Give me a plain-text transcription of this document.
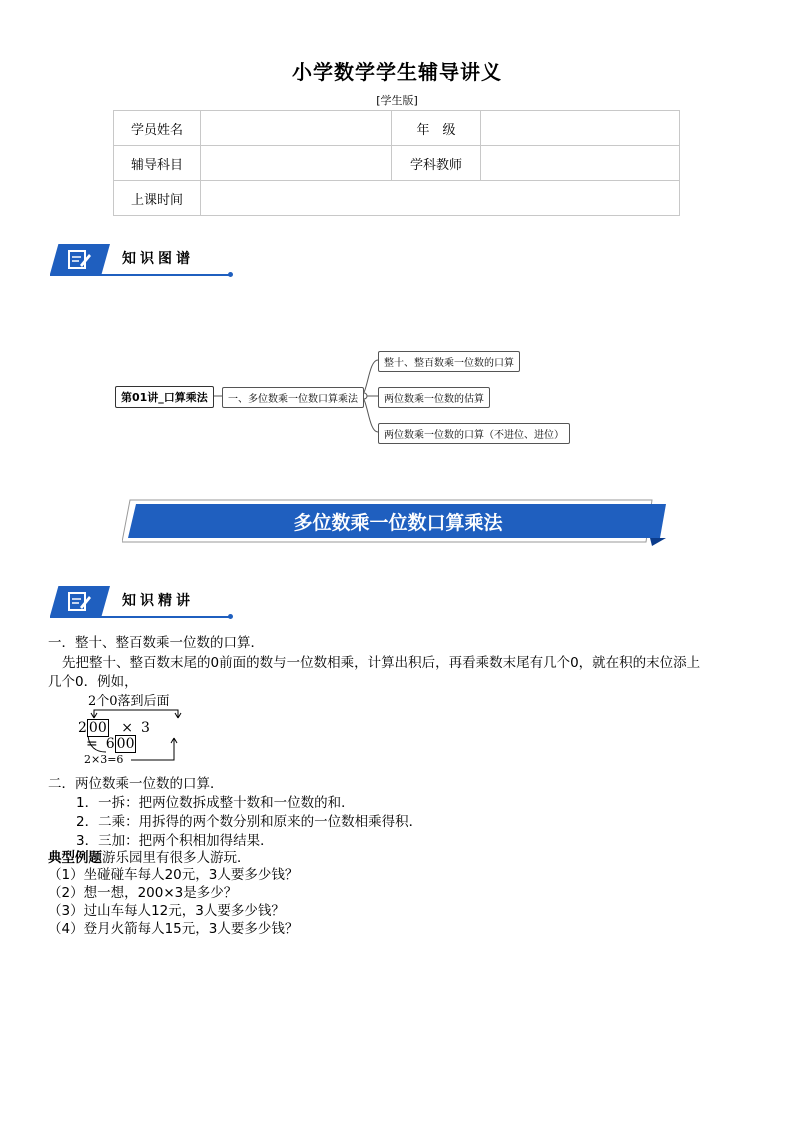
小学数学学生辅导讲义
[学生版]
学员姓名		年　级	
辅导科目		学科教师	
上课时间			
知识图谱
第01讲_口算乘法	一、多位数乘一位数口算乘法
整十、整百数乘一位数的口算
两位数乘一位数的估算
两位数乘一位数的口算（不进位、进位）
多位数乘一位数口算乘法
知识精讲
一．整十、整百数乘一位数的口算．
先把整十、整百数末尾的0前面的数与一位数相乘，计算出积后，再看乘数末尾有几个0，就在积的末位添上
几个0．例如，
2个0落到后面
2 00 × 3 = 6 00
2×3=6
二．两位数乘一位数的口算．
1．一拆：把两位数拆成整十数和一位数的和．
2．二乘：用拆得的两个数分别和原来的一位数相乘得积．
3．三加：把两个积相加得结果．
典型例题游乐园里有很多人游玩．
（1）坐碰碰车每人20元，3人要多少钱？
（2）想一想，200×3是多少？
（3）过山车每人12元，3人要多少钱？
（4）登月火箭每人15元，3人要多少钱？
